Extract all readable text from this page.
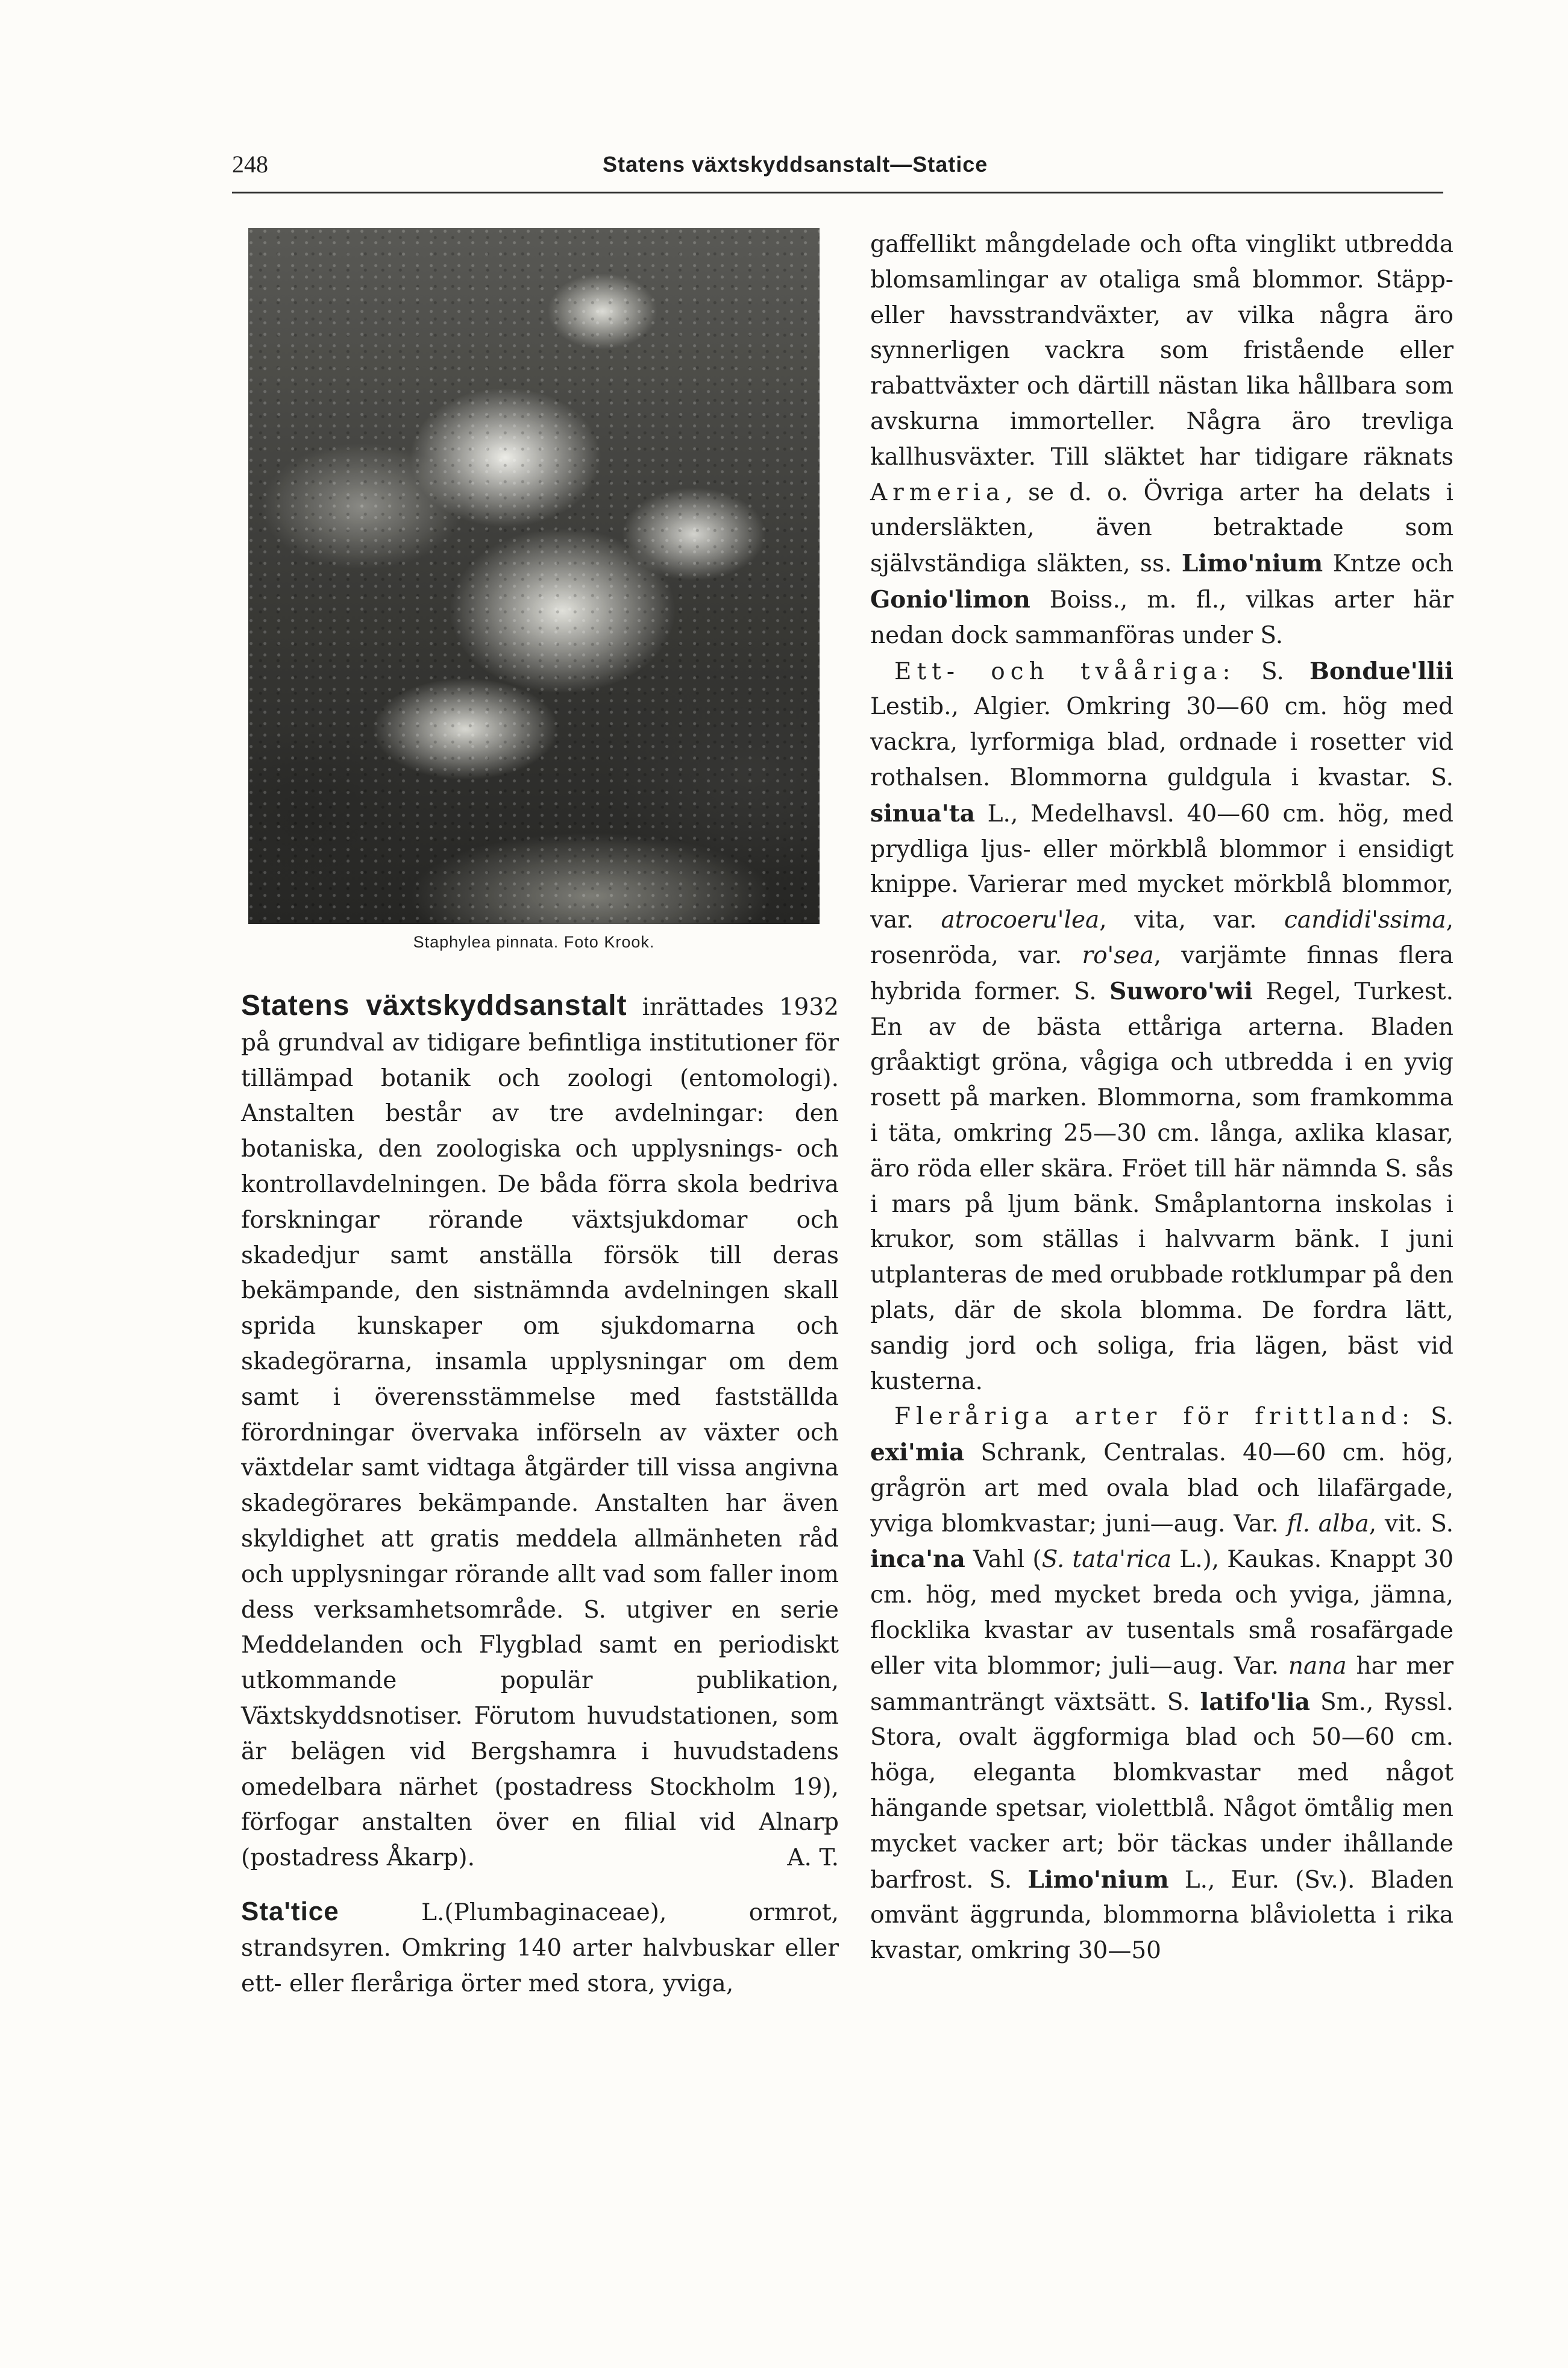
248	Statens växtskyddsanstalt—Statice
Staphylea pinnata. Foto Krook.

Statens växtskyddsanstalt inrättades 1932 på grundval av tidigare befintliga institutioner för tillämpad botanik och zoologi (entomologi). Anstalten består av tre avdelningar: den botaniska, den zoologiska och upplysnings- och kontrollavdelningen. De båda förra skola bedriva forskningar rörande växtsjukdomar och skadedjur samt anställa försök till deras bekämpande, den sistnämnda avdelningen skall sprida kunskaper om sjukdomarna och skadegörarna, insamla upplysningar om dem samt i överensstämmelse med fastställda förordningar övervaka införseln av växter och växtdelar samt vidtaga åtgärder till vissa angivna skadegörares bekämpande. Anstalten har även skyldighet att gratis meddela allmänheten råd och upplysningar rörande allt vad som faller inom dess verksamhetsområde. S. utgiver en serie Meddelanden och Flygblad samt en periodiskt utkommande populär publikation, Växtskyddsnotiser. Förutom huvudstationen, som är belägen vid Bergshamra i huvudstadens omedelbara närhet (postadress Stockholm 19), förfogar anstalten över en filial vid Alnarp (postadress Åkarp).	A. T.

Sta'tice L.(Plumbaginaceae), ormrot, strandsyren. Omkring 140 arter halvbuskar eller ett- eller fleråriga örter med stora, yviga,

gaffellikt mångdelade och ofta vinglikt utbredda blomsamlingar av otaliga små blommor. Stäpp- eller havsstrandväxter, av vilka några äro synnerligen vackra som fristående eller rabattväxter och därtill nästan lika hållbara som avskurna immorteller. Några äro trevliga kallhusväxter. Till släktet har tidigare räknats Armeria, se d. o. Övriga arter ha delats i undersläkten, även betraktade som självständiga släkten, ss. Limo'nium Kntze och Gonio'limon Boiss., m. fl., vilkas arter här nedan dock sammanföras under S.

Ett- och tvååriga: S. Bondue'llii Lestib., Algier. Omkring 30—60 cm. hög med vackra, lyrformiga blad, ordnade i rosetter vid rothalsen. Blommorna guldgula i kvastar. S. sinua'ta L., Medelhavsl. 40—60 cm. hög, med prydliga ljus- eller mörkblå blommor i ensidigt knippe. Varierar med mycket mörkblå blommor, var. atrocoeru'lea, vita, var. candidi'ssima, rosenröda, var. ro'sea, varjämte finnas flera hybrida former. S. Suworo'wii Regel, Turkest. En av de bästa ettåriga arterna. Bladen gråaktigt gröna, vågiga och utbredda i en yvig rosett på marken. Blommorna, som framkomma i täta, omkring 25—30 cm. långa, axlika klasar, äro röda eller skära. Fröet till här nämnda S. sås i mars på ljum bänk. Småplantorna inskolas i krukor, som ställas i halvvarm bänk. I juni utplanteras de med orubbade rotklumpar på den plats, där de skola blomma. De fordra lätt, sandig jord och soliga, fria lägen, bäst vid kusterna.

Fleråriga arter för frittland: S. exi'mia Schrank, Centralas. 40—60 cm. hög, grågrön art med ovala blad och lilafärgade, yviga blomkvastar; juni—aug. Var. fl. alba, vit. S. inca'na Vahl (S. tata'rica L.), Kaukas. Knappt 30 cm. hög, med mycket breda och yviga, jämna, flocklika kvastar av tusentals små rosafärgade eller vita blommor; juli—aug. Var. nana har mer sammanträngt växtsätt. S. latifo'lia Sm., Ryssl. Stora, ovalt äggformiga blad och 50—60 cm. höga, eleganta blomkvastar med något hängande spetsar, violettblå. Något ömtålig men mycket vacker art; bör täckas under ihållande barfrost. S. Limo'nium L., Eur. (Sv.). Bladen omvänt äggrunda, blommorna blåvioletta i rika kvastar, omkring 30—50
